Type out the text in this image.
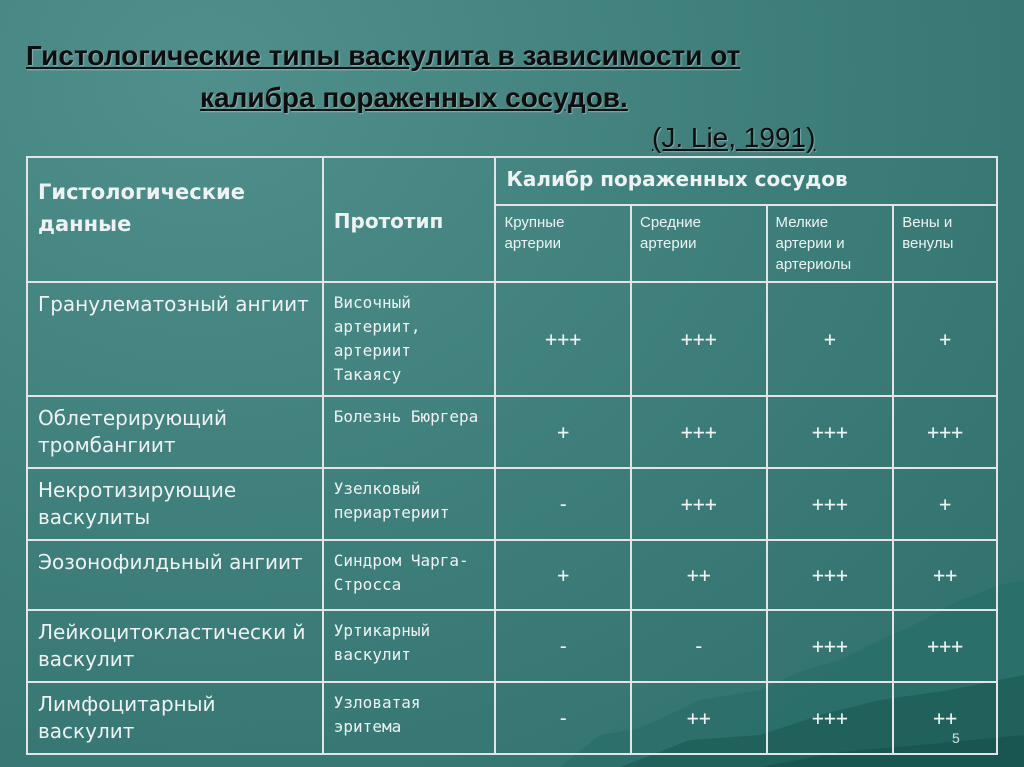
Гистологические типы васкулита в зависимости от
калибра пораженных сосудов.
(J. Lie, 1991)
Гистологические данные	Прототип	Калибр пораженных сосудов			
		Крупные артерии	Средние артерии	Мелкие артерии и артериолы	Вены и венулы
Гранулематозный ангиит	Височный артериит, артериит Такаясу	+++	+++	+	+
Облетерирующий тромбангиит	Болезнь Бюргера	+	+++	+++	+++
Некротизирующие васкулиты	Узелковый периартериит	-	+++	+++	+
Эозонофилдьный ангиит	Синдром Чарга-Стросса	+	++	+++	++
Лейкоцитокластически й васкулит	Уртикарный васкулит	-	-	+++	+++
Лимфоцитарный васкулит	Узловатая эритема	-	++	+++	++
5
